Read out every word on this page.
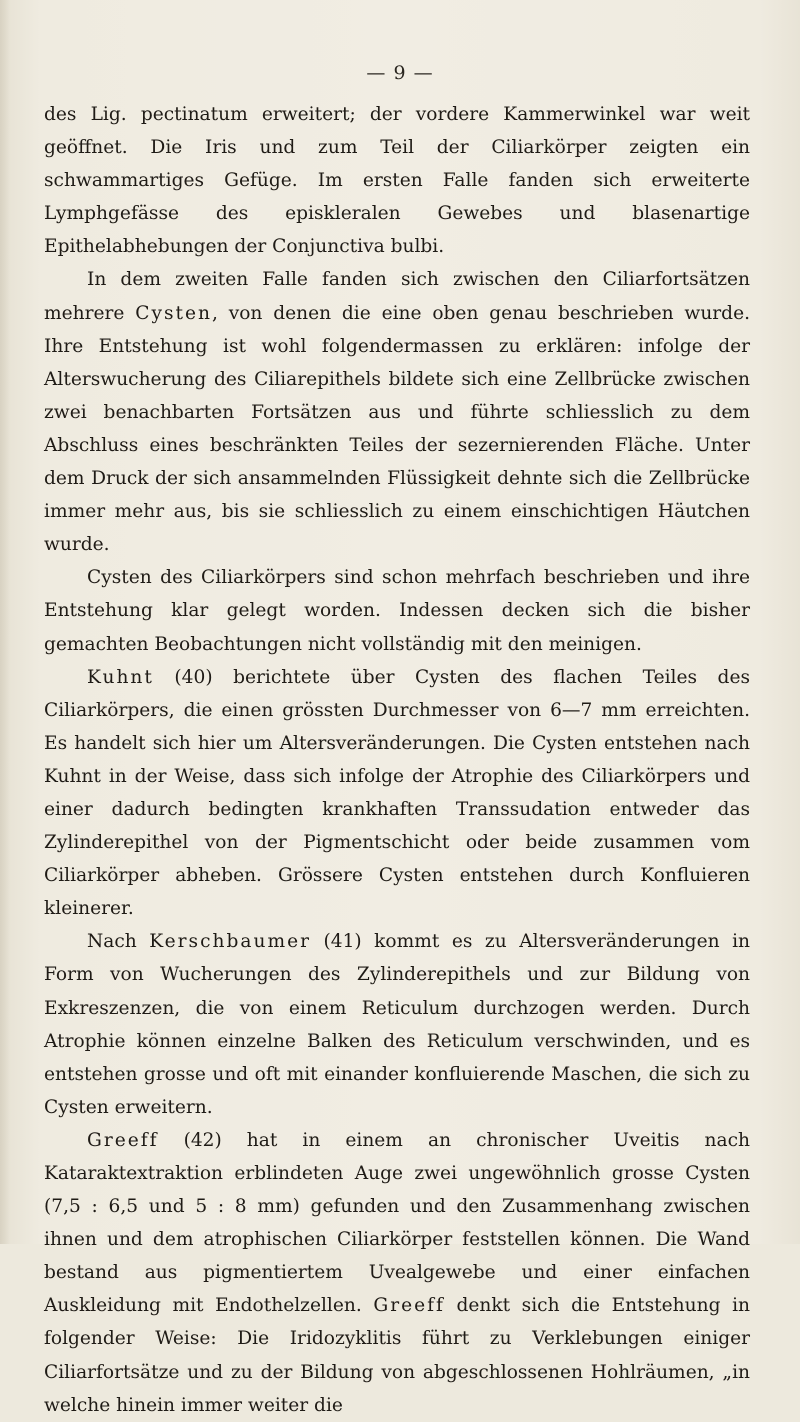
— 9 —

des Lig. pectinatum erweitert; der vordere Kammerwinkel war weit geöffnet. Die Iris und zum Teil der Ciliarkörper zeigten ein schwammartiges Gefüge. Im ersten Falle fanden sich erweiterte Lymphgefässe des episkleralen Gewebes und blasenartige Epithelabhebungen der Conjunctiva bulbi.

In dem zweiten Falle fanden sich zwischen den Ciliarfortsätzen mehrere Cysten, von denen die eine oben genau beschrieben wurde. Ihre Entstehung ist wohl folgendermassen zu erklären: infolge der Alterswucherung des Ciliarepithels bildete sich eine Zellbrücke zwischen zwei benachbarten Fortsätzen aus und führte schliesslich zu dem Abschluss eines beschränkten Teiles der sezernierenden Fläche. Unter dem Druck der sich ansammelnden Flüssigkeit dehnte sich die Zellbrücke immer mehr aus, bis sie schliesslich zu einem einschichtigen Häutchen wurde.

Cysten des Ciliarkörpers sind schon mehrfach beschrieben und ihre Entstehung klar gelegt worden. Indessen decken sich die bisher gemachten Beobachtungen nicht vollständig mit den meinigen.

Kuhnt (40) berichtete über Cysten des flachen Teiles des Ciliarkörpers, die einen grössten Durchmesser von 6—7 mm erreichten. Es handelt sich hier um Altersveränderungen. Die Cysten entstehen nach Kuhnt in der Weise, dass sich infolge der Atrophie des Ciliarkörpers und einer dadurch bedingten krankhaften Transsudation entweder das Zylinderepithel von der Pigmentschicht oder beide zusammen vom Ciliarkörper abheben. Grössere Cysten entstehen durch Konfluieren kleinerer.

Nach Kerschbaumer (41) kommt es zu Altersveränderungen in Form von Wucherungen des Zylinderepithels und zur Bildung von Exkreszenzen, die von einem Reticulum durchzogen werden. Durch Atrophie können einzelne Balken des Reticulum verschwinden, und es entstehen grosse und oft mit einander konfluierende Maschen, die sich zu Cysten erweitern.

Greeff (42) hat in einem an chronischer Uveitis nach Kataraktextraktion erblindeten Auge zwei ungewöhnlich grosse Cysten (7,5 : 6,5 und 5 : 8 mm) gefunden und den Zusammenhang zwischen ihnen und dem atrophischen Ciliarkörper feststellen können. Die Wand bestand aus pigmentiertem Uvealgewebe und einer einfachen Auskleidung mit Endothelzellen. Greeff denkt sich die Entstehung in folgender Weise: Die Iridozyklitis führt zu Verklebungen einiger Ciliarfortsätze und zu der Bildung von abgeschlossenen Hohlräumen, „in welche hinein immer weiter die
